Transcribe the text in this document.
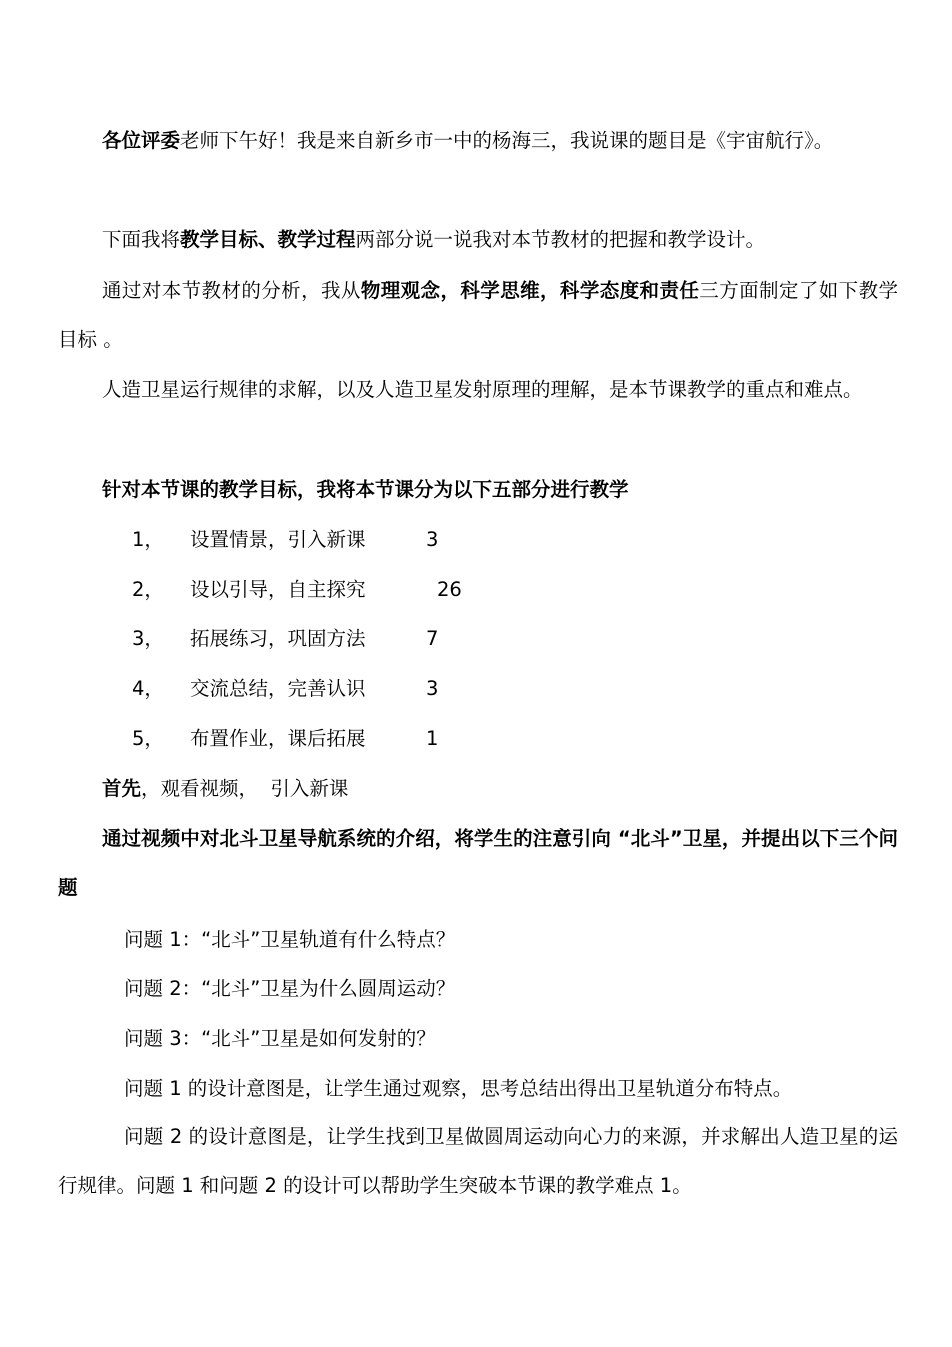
各位评委老师下午好！我是来自新乡市一中的杨海三，我说课的题目是《宇宙航行》。

下面我将教学目标、教学过程两部分说一说我对本节教材的把握和教学设计。

通过对本节教材的分析，我从物理观念，科学思维，科学态度和责任三方面制定了如下教学目标 。

人造卫星运行规律的求解，以及人造卫星发射原理的理解，是本节课教学的重点和难点。

针对本节课的教学目标，我将本节课分为以下五部分进行教学

1， 设置情景，引入新课	3
2， 设以引导，自主探究	26
3， 拓展练习，巩固方法	7
4， 交流总结，完善认识	3
5， 布置作业，课后拓展	1

首先，观看视频，  引入新课

通过视频中对北斗卫星导航系统的介绍，将学生的注意引向 “北斗”卫星，并提出以下三个问题

问题 1：“北斗”卫星轨道有什么特点？

问题 2：“北斗”卫星为什么圆周运动？

问题 3：“北斗”卫星是如何发射的？

问题 1 的设计意图是，让学生通过观察，思考总结出得出卫星轨道分布特点。

问题 2 的设计意图是，让学生找到卫星做圆周运动向心力的来源，并求解出人造卫星的运行规律。问题 1 和问题 2 的设计可以帮助学生突破本节课的教学难点 1。
